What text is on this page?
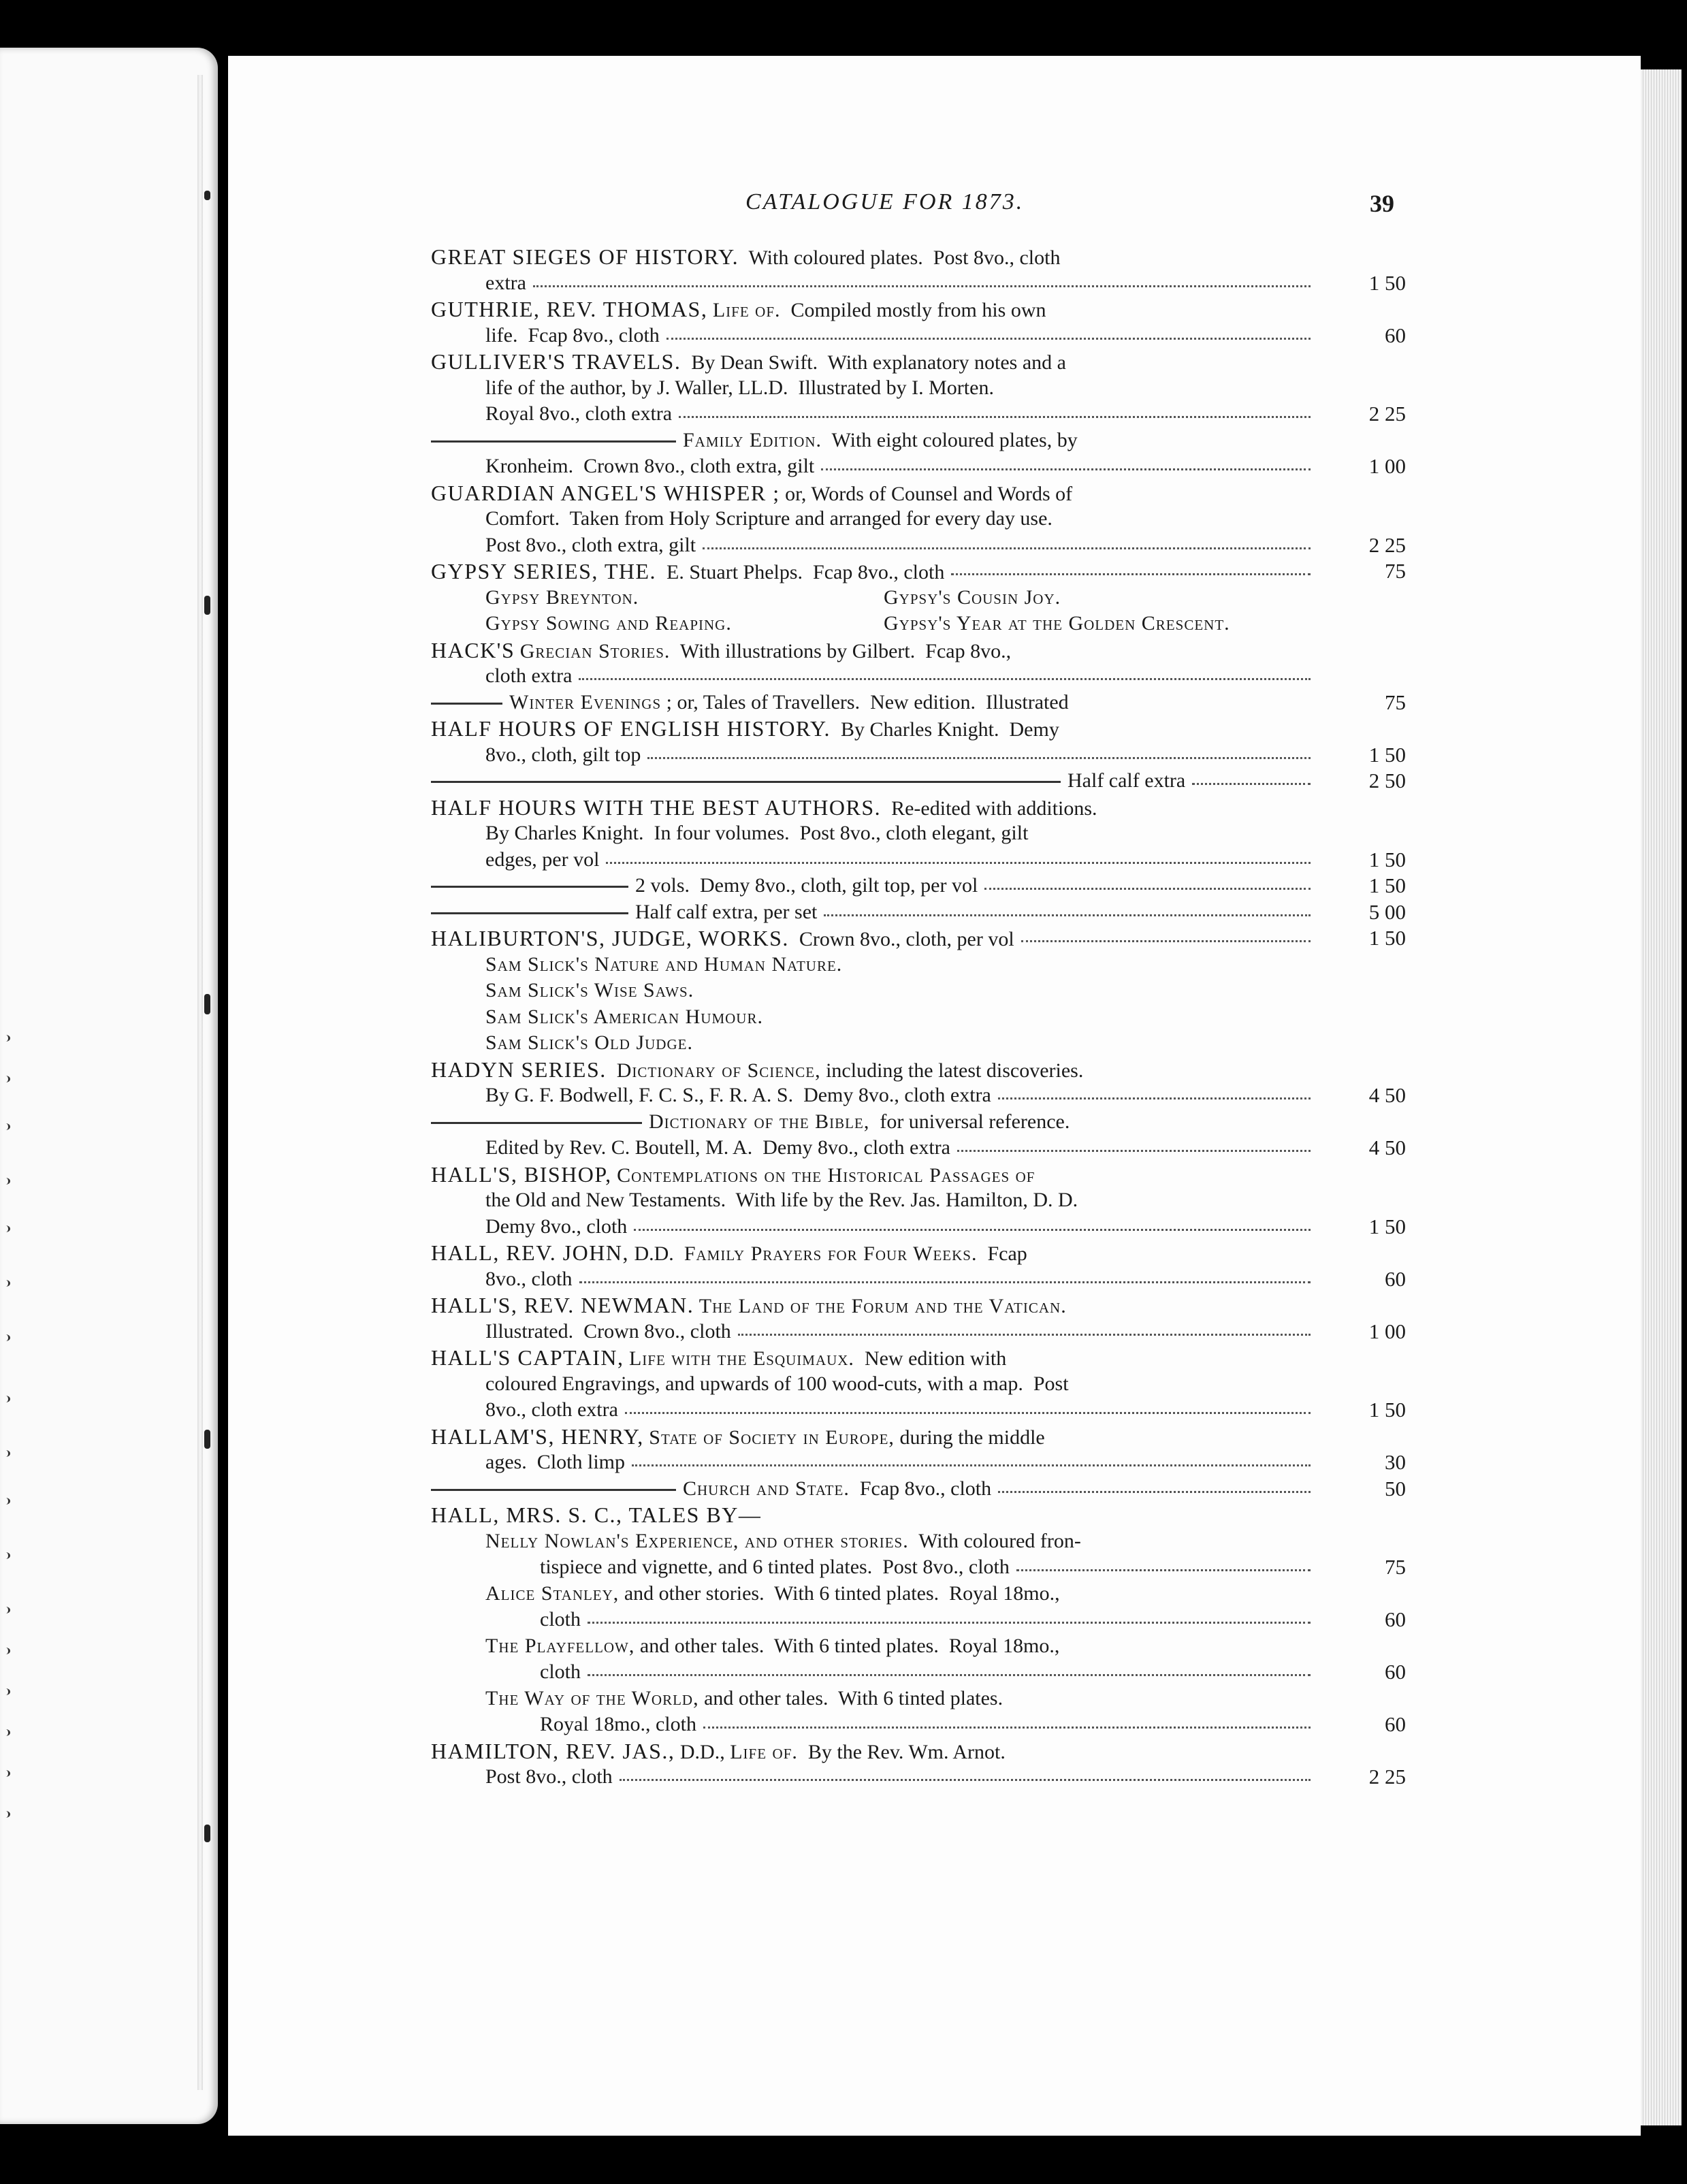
CATALOGUE FOR 1873.	39
GREAT SIEGES OF HISTORY.  With coloured plates.  Post 8vo., cloth
extra	1 50
GUTHRIE, REV. THOMAS, Life of.  Compiled mostly from his own
life.  Fcap 8vo., cloth	60
GULLIVER'S TRAVELS.  By Dean Swift.  With explanatory notes and a
life of the author, by J. Waller, LL.D.  Illustrated by I. Morten.
Royal 8vo., cloth extra	2 25
Family Edition.  With eight coloured plates, by
Kronheim.  Crown 8vo., cloth extra, gilt	1 00
GUARDIAN ANGEL'S WHISPER ; or, Words of Counsel and Words of
Comfort.  Taken from Holy Scripture and arranged for every day use.
Post 8vo., cloth extra, gilt	2 25
GYPSY SERIES, THE.  E. Stuart Phelps.  Fcap 8vo., cloth	75
Gypsy Breynton.	Gypsy's Cousin Joy.
Gypsy Sowing and Reaping.	Gypsy's Year at the Golden Crescent.
HACK'S Grecian Stories.  With illustrations by Gilbert.  Fcap 8vo.,
cloth extra
Winter Evenings ; or, Tales of Travellers.  New edition.  Illustrated	75
HALF HOURS OF ENGLISH HISTORY.  By Charles Knight.  Demy
8vo., cloth, gilt top	1 50
Half calf extra	2 50
HALF HOURS WITH THE BEST AUTHORS.  Re-edited with additions.
By Charles Knight.  In four volumes.  Post 8vo., cloth elegant, gilt
edges, per vol	1 50
2 vols.  Demy 8vo., cloth, gilt top, per vol	1 50
Half calf extra, per set	5 00
HALIBURTON'S, JUDGE, WORKS.  Crown 8vo., cloth, per vol	1 50
Sam Slick's Nature and Human Nature.
Sam Slick's Wise Saws.
Sam Slick's American Humour.
Sam Slick's Old Judge.
HADYN SERIES. Dictionary of Science, including the latest discoveries.
By G. F. Bodwell, F. C. S., F. R. A. S.  Demy 8vo., cloth extra	4 50
Dictionary of the Bible,  for universal reference.
Edited by Rev. C. Boutell, M. A.  Demy 8vo., cloth extra	4 50
HALL'S, BISHOP, Contemplations on the Historical Passages of
the Old and New Testaments.  With life by the Rev. Jas. Hamilton, D. D.
Demy 8vo., cloth	1 50
HALL, REV. JOHN, D.D.  Family Prayers for Four Weeks.  Fcap
8vo., cloth	60
HALL'S, REV. NEWMAN. The Land of the Forum and the Vatican.
Illustrated.  Crown 8vo., cloth	1 00
HALL'S CAPTAIN, Life with the Esquimaux.  New edition with
coloured Engravings, and upwards of 100 wood-cuts, with a map.  Post
8vo., cloth extra	1 50
HALLAM'S, HENRY, State of Society in Europe, during the middle
ages.  Cloth limp	30
Church and State.  Fcap 8vo., cloth	50
HALL, MRS. S. C., TALES BY—
Nelly Nowlan's Experience, and other stories.  With coloured fron-
tispiece and vignette, and 6 tinted plates.  Post 8vo., cloth	75
Alice Stanley, and other stories.  With 6 tinted plates.  Royal 18mo.,
cloth	60
The Playfellow, and other tales.  With 6 tinted plates.  Royal 18mo.,
cloth	60
The Way of the World, and other tales.  With 6 tinted plates.
Royal 18mo., cloth	60
HAMILTON, REV. JAS., D.D., Life of.  By the Rev. Wm. Arnot.
Post 8vo., cloth	2 25
